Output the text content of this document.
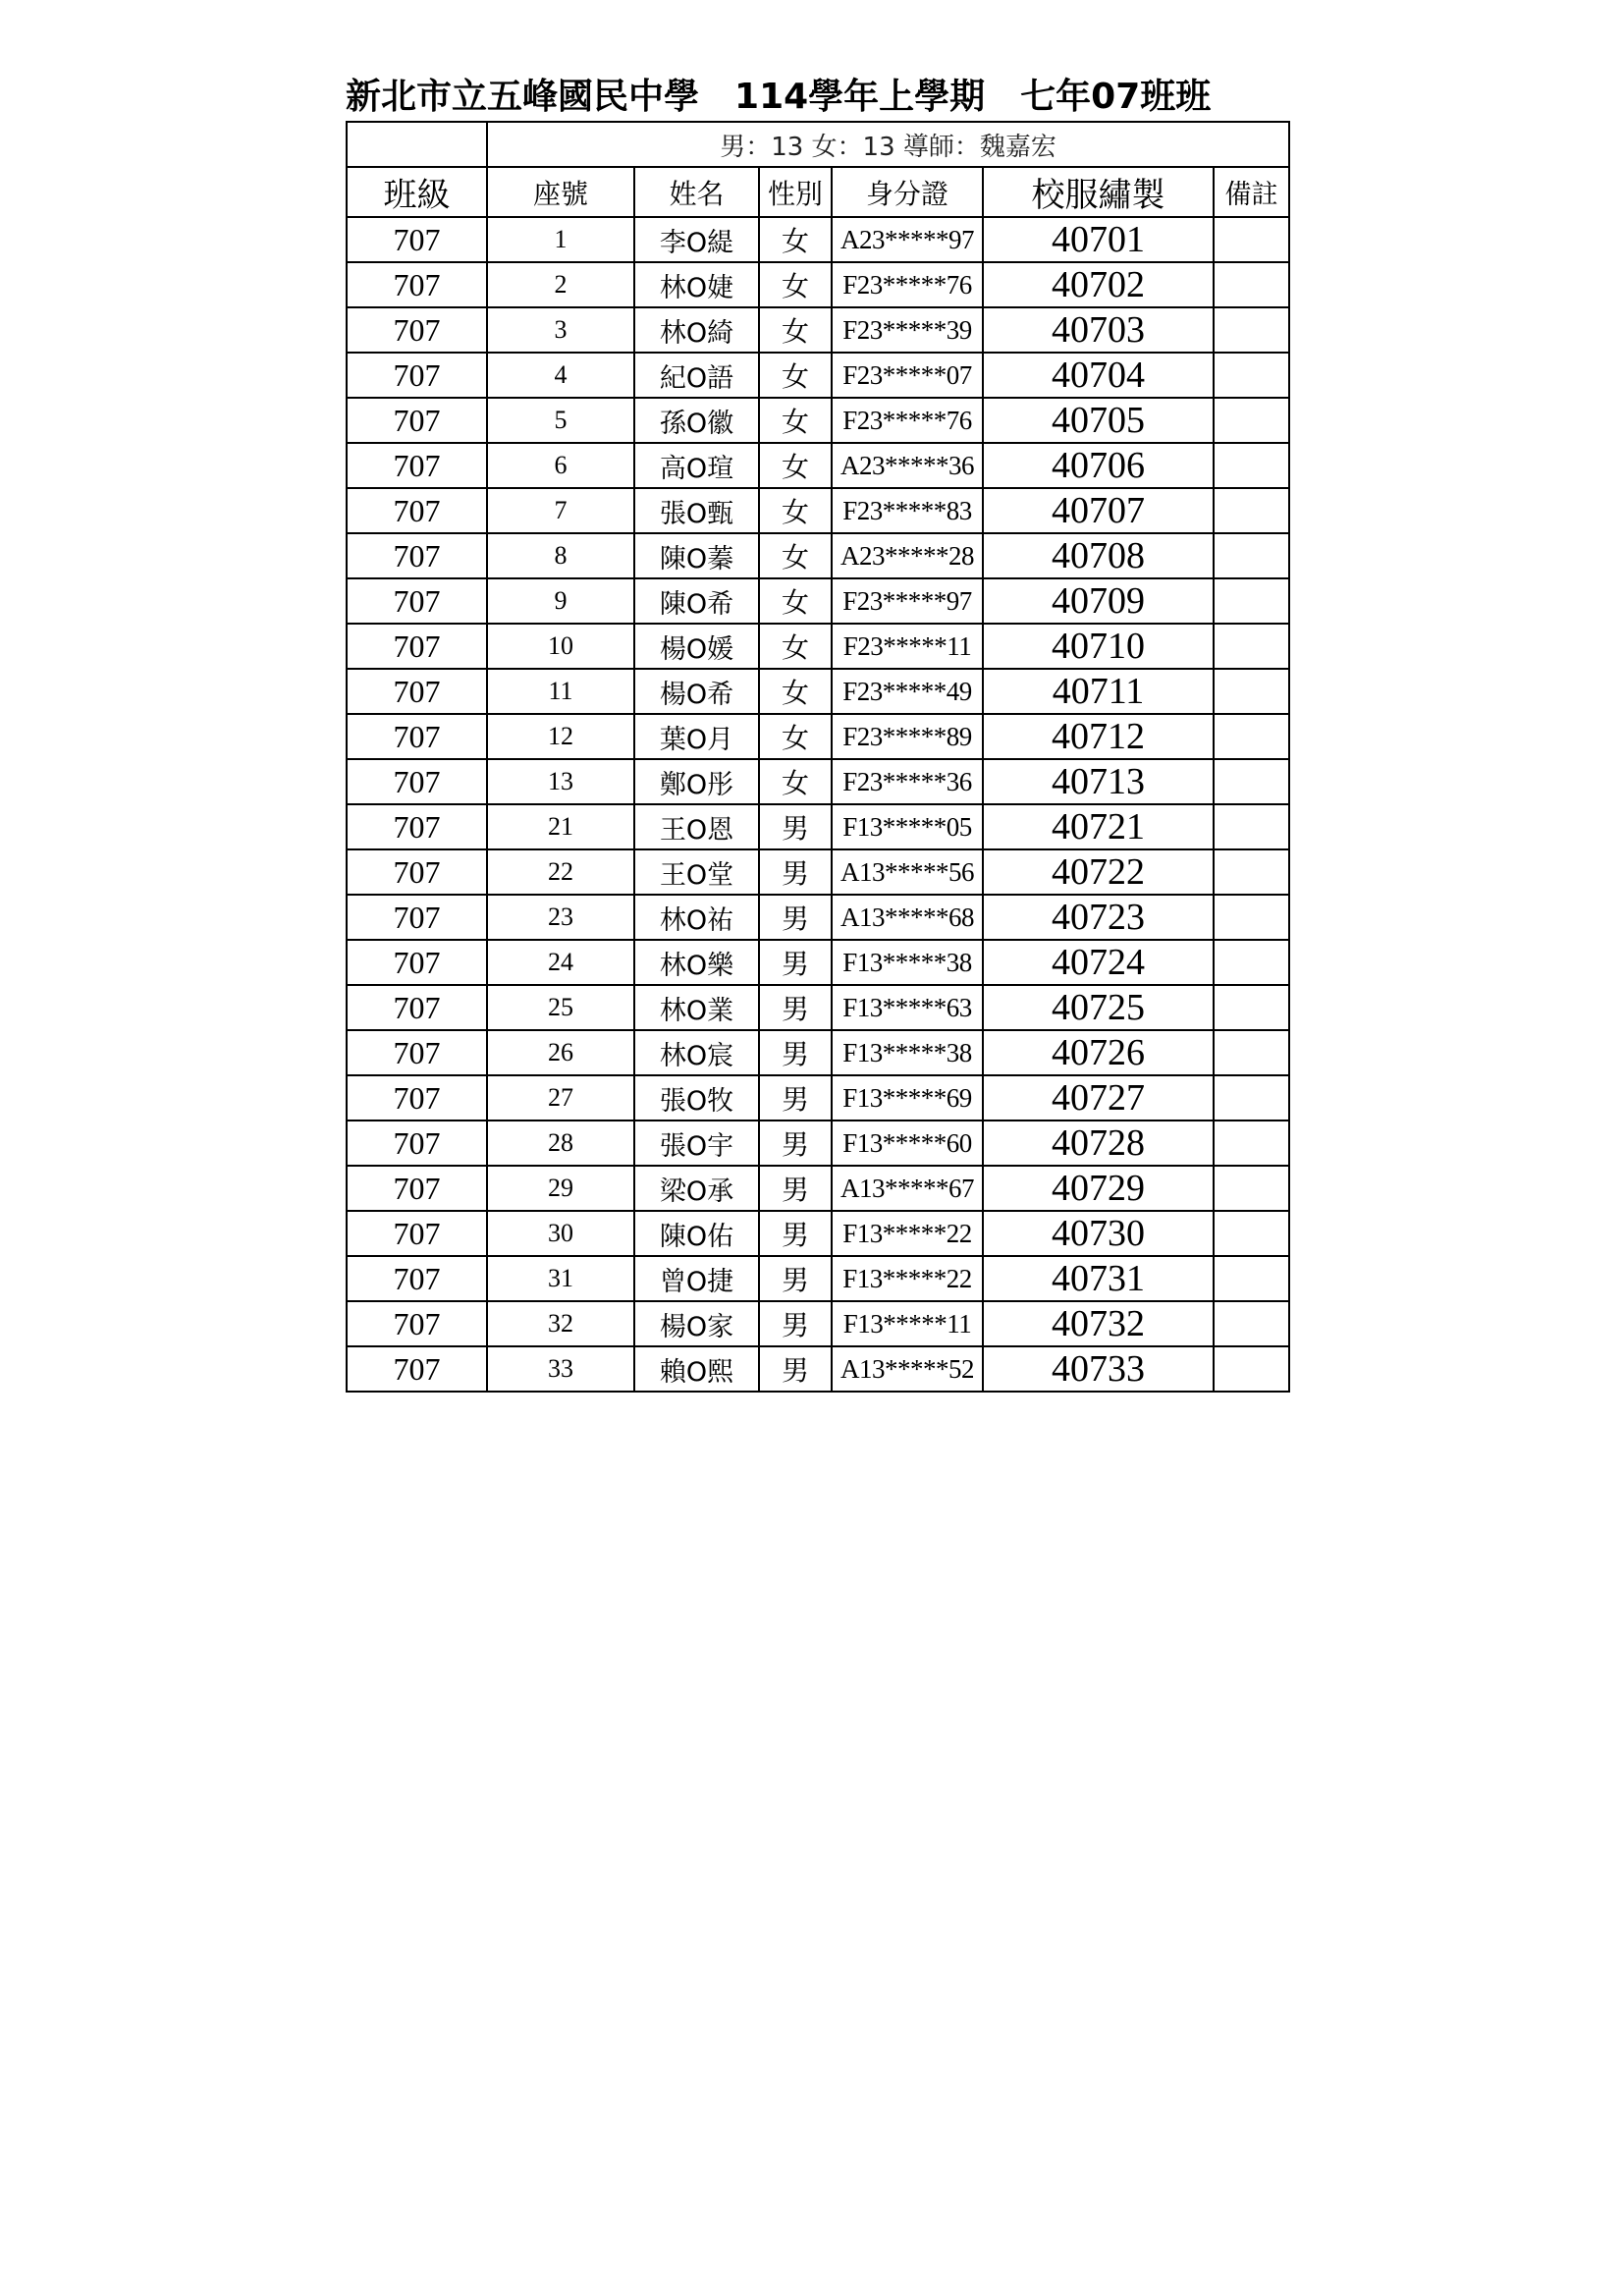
新北市立五峰國民中學 114學年上學期 七年07班班
	男：13 女：13 導師：魏嘉宏					
班級	座號	姓名	性別	身分證	校服繡製	備註
707	1	李O緹	女	A23*****97	40701	
707	2	林O婕	女	F23*****76	40702	
707	3	林O綺	女	F23*****39	40703	
707	4	紀O語	女	F23*****07	40704	
707	5	孫O徽	女	F23*****76	40705	
707	6	高O瑄	女	A23*****36	40706	
707	7	張O甄	女	F23*****83	40707	
707	8	陳O蓁	女	A23*****28	40708	
707	9	陳O希	女	F23*****97	40709	
707	10	楊O媛	女	F23*****11	40710	
707	11	楊O希	女	F23*****49	40711	
707	12	葉O月	女	F23*****89	40712	
707	13	鄭O彤	女	F23*****36	40713	
707	21	王O恩	男	F13*****05	40721	
707	22	王O堂	男	A13*****56	40722	
707	23	林O祐	男	A13*****68	40723	
707	24	林O樂	男	F13*****38	40724	
707	25	林O業	男	F13*****63	40725	
707	26	林O宸	男	F13*****38	40726	
707	27	張O牧	男	F13*****69	40727	
707	28	張O宇	男	F13*****60	40728	
707	29	梁O承	男	A13*****67	40729	
707	30	陳O佑	男	F13*****22	40730	
707	31	曾O捷	男	F13*****22	40731	
707	32	楊O家	男	F13*****11	40732	
707	33	賴O熙	男	A13*****52	40733	
